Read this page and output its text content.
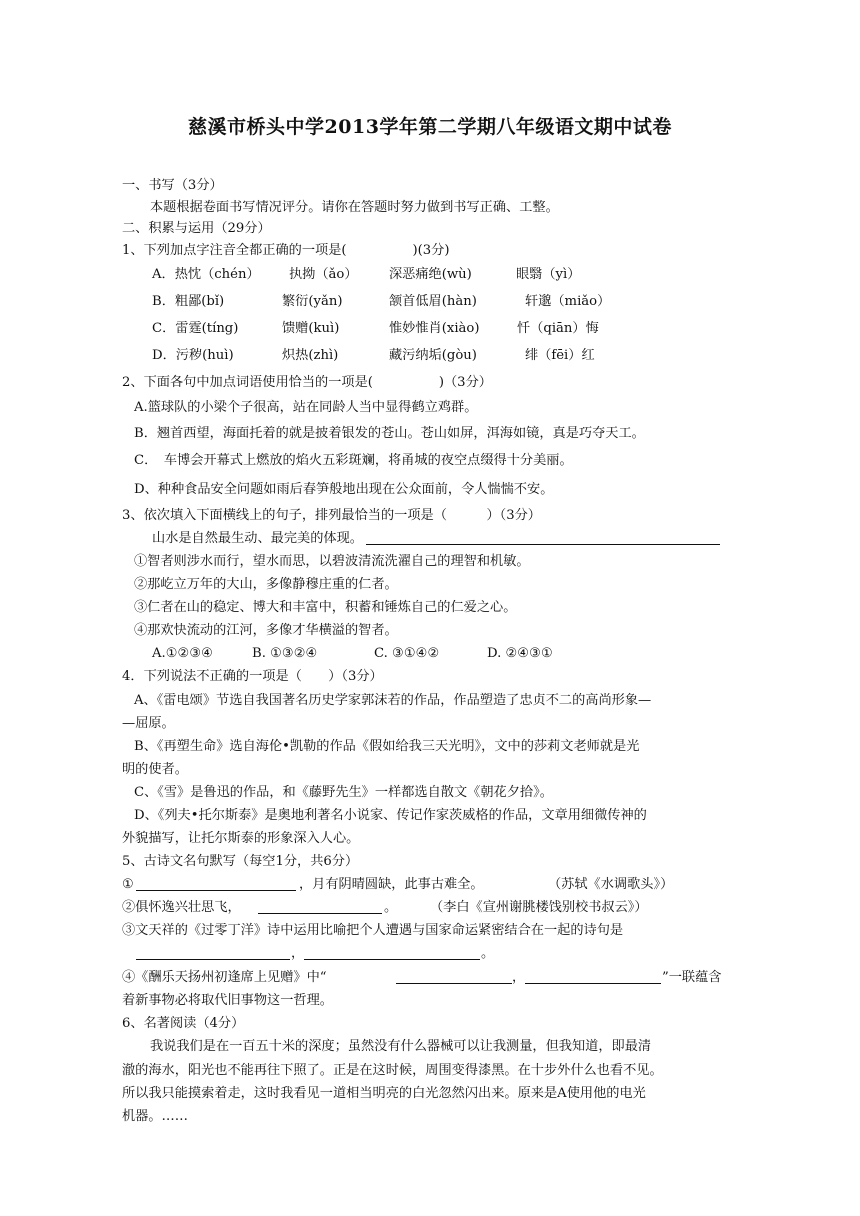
慈溪市桥头中学2013学年第二学期八年级语文期中试卷
一、书写（3分）
本题根据卷面书写情况评分。请你在答题时努力做到书写正确、工整。
二、积累与运用（29分）
1、下列加点字注音全都正确的一项是(　　　　　)(3分)
A．热忱（chén） 执拗（ǎo） 深恶痛绝(wù)	眼翳（yì）
B．粗鄙(bǐ)	繁衍(yǎn)	颔首低眉(hàn)	轩邈（miǎo）
C．雷霆(tíng)	馈赠(kuì)	惟妙惟肖(xiào)	忏（qiān）悔
D．污秽(huì)	炽热(zhì)	藏污纳垢(gòu)	绯（fēi）红
2、下面各句中加点词语使用恰当的一项是(　　　　　)（3分）
A.篮球队的小梁个子很高，站在同龄人当中显得鹤立鸡群。
B．翘首西望，海面托着的就是披着银发的苍山。苍山如屏，洱海如镜，真是巧夺天工。
C．　车博会开幕式上燃放的焰火五彩斑斓，将甬城的夜空点缀得十分美丽。
D、种种食品安全问题如雨后春笋般地出现在公众面前，令人惴惴不安。
3、依次填入下面横线上的句子，排列最恰当的一项是（　　　）（3分）
山水是自然最生动、最完美的体现。
①智者则涉水而行，望水而思，以碧波清流洗濯自己的理智和机敏。
②那屹立万年的大山，多像静穆庄重的仁者。
③仁者在山的稳定、博大和丰富中，积蓄和锤炼自己的仁爱之心。
④那欢快流动的江河，多像才华横溢的智者。
A.①②③④	B. ①③②④	C. ③①④②	D. ②④③①
4．下列说法不正确的一项是（　　）（3分）
A、《雷电颂》节选自我国著名历史学家郭沫若的作品，作品塑造了忠贞不二的高尚形象—
—屈原。
B、《再塑生命》选自海伦•凯勒的作品《假如给我三天光明》，文中的莎莉文老师就是光
明的使者。
C、《雪》是鲁迅的作品，和《藤野先生》一样都选自散文《朝花夕拾》。
D、《列夫•托尔斯泰》是奥地利著名小说家、传记作家茨威格的作品，文章用细微传神的
外貌描写，让托尔斯泰的形象深入人心。
5、古诗文名句默写（每空1分，共6分）
①	，月有阴晴圆缺，此事古难全。	（苏轼《水调歌头》）
②俱怀逸兴壮思飞，	。 （李白《宣州谢朓楼饯别校书叔云》）
③文天祥的《过零丁洋》诗中运用比喻把个人遭遇与国家命运紧密结合在一起的诗句是
，	。
④《酬乐天扬州初逢席上见赠》中“	，	”一联蕴含
着新事物必将取代旧事物这一哲理。
6、名著阅读（4分）
我说我们是在一百五十米的深度；虽然没有什么器械可以让我测量，但我知道，即最清
澈的海水，阳光也不能再往下照了。正是在这时候，周围变得漆黑。在十步外什么也看不见。
所以我只能摸索着走，这时我看见一道相当明亮的白光忽然闪出来。原来是A使用他的电光
机器。……
